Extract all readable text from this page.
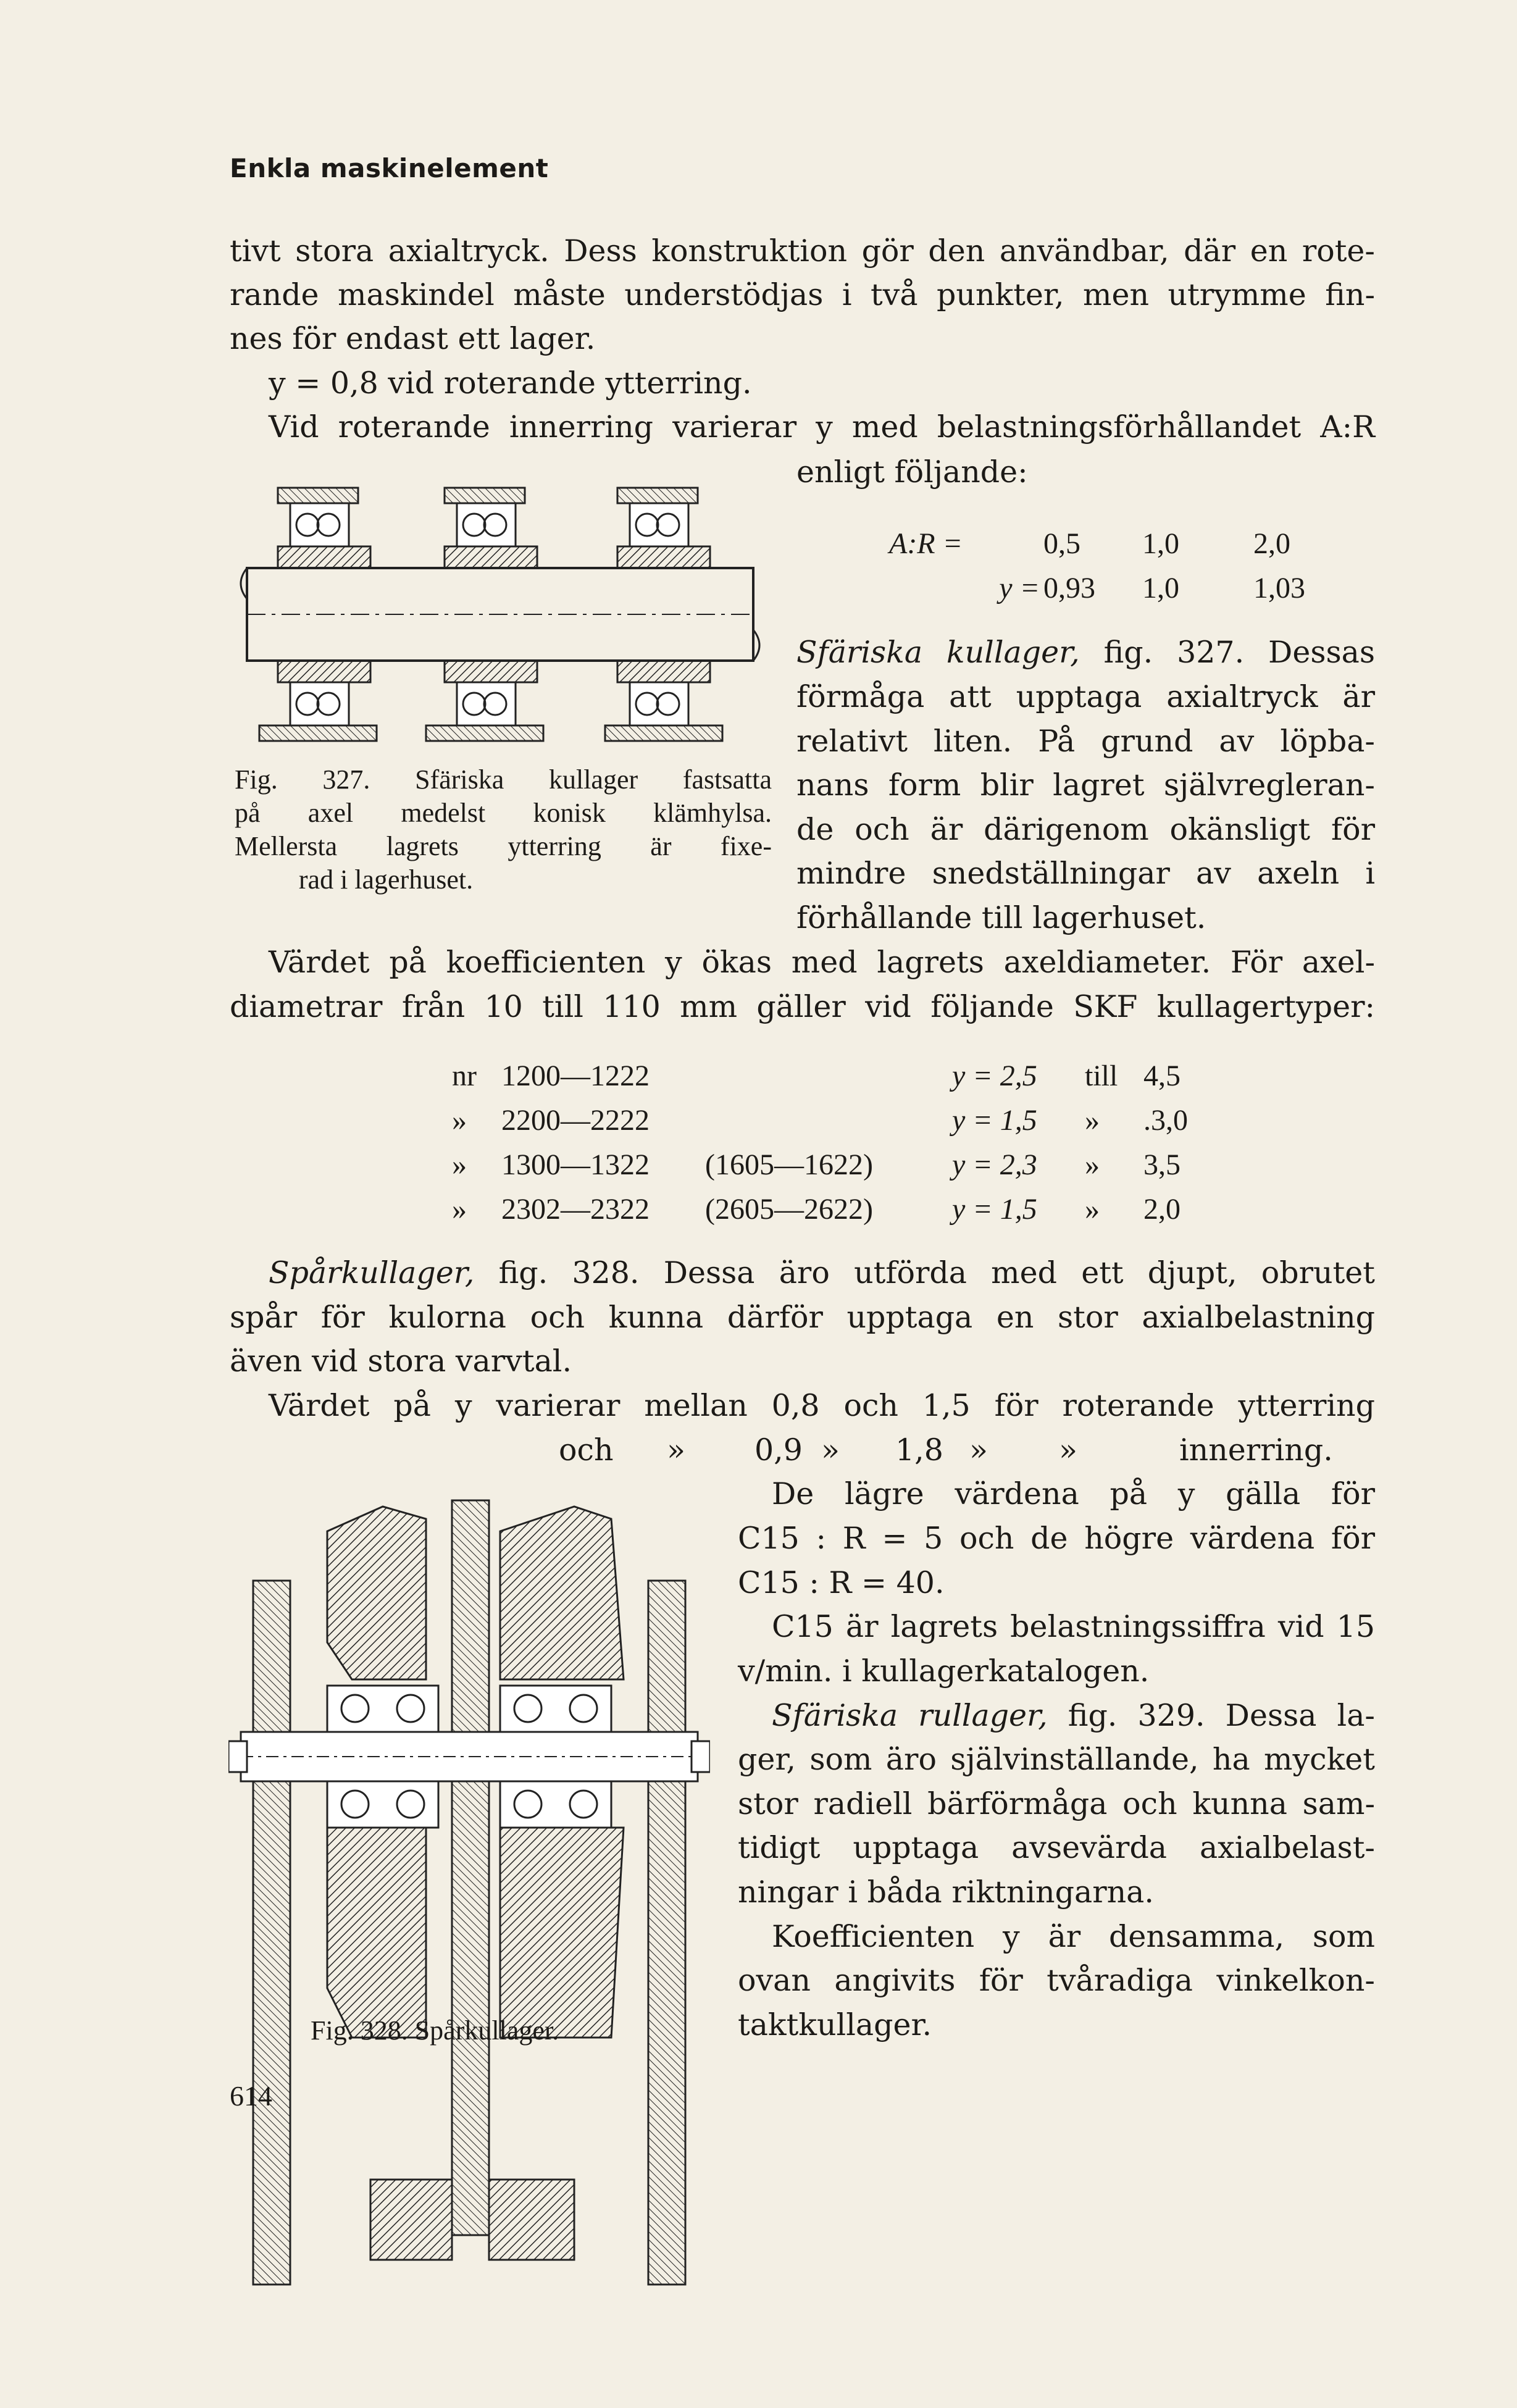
Enkla maskinelement
tivt stora axialtryck. Dess konstruktion gör den användbar, där en rote-
rande maskindel måste understödjas i två punkter, men utrymme fin-
nes för endast ett lager.
y = 0,8 vid roterande ytterring.
Vid roterande innerring varierar y med belastningsförhållandet A:R
enligt följande:
A:R =	0,5	1,0	2,0
y =	0,93	1,0	1,03
Fig. 327. Sfäriska kullager fastsatta
på axel medelst konisk klämhylsa.
Mellersta lagrets ytterring är fixe-
rad i lagerhuset.
Sfäriska kullager, fig. 327. Dessas
förmåga att upptaga axialtryck är
relativt liten. På grund av löpba-
nans form blir lagret självregleran-
de och är därigenom okänsligt för
mindre snedställningar av axeln i
förhållande till lagerhuset.
Värdet på koefficienten y ökas med lagrets axeldiameter. För axel-
diametrar från 10 till 110 mm gäller vid följande SKF kullagertyper:
nr	1200—1222		y = 2,5	till	4,5
»	2200—2222		y = 1,5	»	.3,0
»	1300—1322	(1605—1622)	y = 2,3	»	3,5
»	2302—2322	(2605—2622)	y = 1,5	»	2,0
Spårkullager, fig. 328. Dessa äro utförda med ett djupt, obrutet
spår för kulorna och kunna därför upptaga en stor axialbelastning
även vid stora varvtal.
Värdet på y varierar mellan 0,8 och 1,5 för roterande ytterring
och » 0,9 » 1,8 » »	innerring.
De lägre värdena på y gälla för
C15 : R = 5 och de högre värdena för
C15 : R = 40.
C15 är lagrets belastningssiffra vid 15
v/min. i kullagerkatalogen.
Sfäriska rullager, fig. 329. Dessa la-
ger, som äro självinställande, ha mycket
stor radiell bärförmåga och kunna sam-
tidigt upptaga avsevärda axialbelast-
ningar i båda riktningarna.
Koefficienten y är densamma, som
ovan angivits för tvåradiga vinkelkon-
taktkullager.
Fig. 328. Spårkullager.
614
